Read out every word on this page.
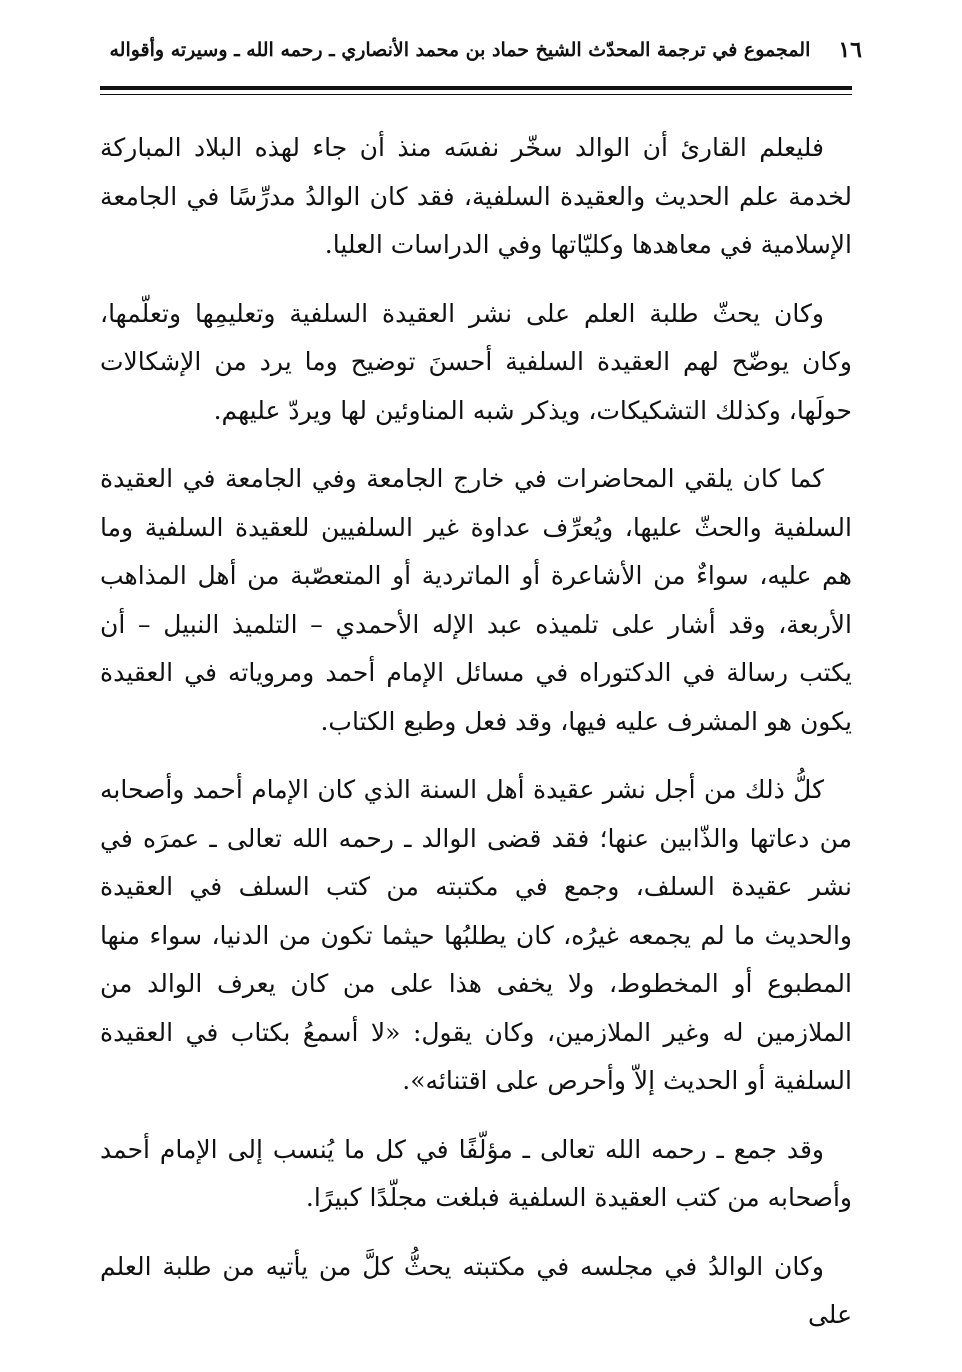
١٦
المجموع في ترجمة المحدّث الشيخ حماد بن محمد الأنصاري ـ رحمه الله ـ وسيرته وأقواله

فليعلم القارئ أن الوالد سخّر نفسَه منذ أن جاء لهذه البلاد المباركة لخدمة علم الحديث والعقيدة السلفية، فقد كان الوالدُ مدرِّسًا في الجامعة الإسلامية في معاهدها وكليّاتها وفي الدراسات العليا.

وكان يحثّ طلبة العلم على نشر العقيدة السلفية وتعليمِها وتعلّمها، وكان يوضّح لهم العقيدة السلفية أحسنَ توضيح وما يرد من الإشكالات حولَها، وكذلك التشكيكات، ويذكر شبه المناوئين لها ويردّ عليهم.

كما كان يلقي المحاضرات في خارج الجامعة وفي الجامعة في العقيدة السلفية والحثّ عليها، ويُعرِّف عداوة غير السلفيين للعقيدة السلفية وما هم عليه، سواءٌ من الأشاعرة أو الماتردية أو المتعصّبة من أهل المذاهب الأربعة، وقد أشار على تلميذه عبد الإله الأحمدي – التلميذ النبيل – أن يكتب رسالة في الدكتوراه في مسائل الإمام أحمد ومروياته في العقيدة يكون هو المشرف عليه فيها، وقد فعل وطبع الكتاب.

كلُّ ذلك من أجل نشر عقيدة أهل السنة الذي كان الإمام أحمد وأصحابه من دعاتها والذّابين عنها؛ فقد قضى الوالد ـ رحمه الله تعالى ـ عمرَه في نشر عقيدة السلف، وجمع في مكتبته من كتب السلف في العقيدة والحديث ما لم يجمعه غيرُه، كان يطلبُها حيثما تكون من الدنيا، سواء منها المطبوع أو المخطوط، ولا يخفى هذا على من كان يعرف الوالد من الملازمين له وغير الملازمين، وكان يقول: «لا أسمعُ بكتاب في العقيدة السلفية أو الحديث إلاّ وأحرص على اقتنائه».

وقد جمع ـ رحمه الله تعالى ـ مؤلّفًا في كل ما يُنسب إلى الإمام أحمد وأصحابه من كتب العقيدة السلفية فبلغت مجلّدًا كبيرًا.

وكان الوالدُ في مجلسه في مكتبته يحثُّ كلَّ من يأتيه من طلبة العلم على
